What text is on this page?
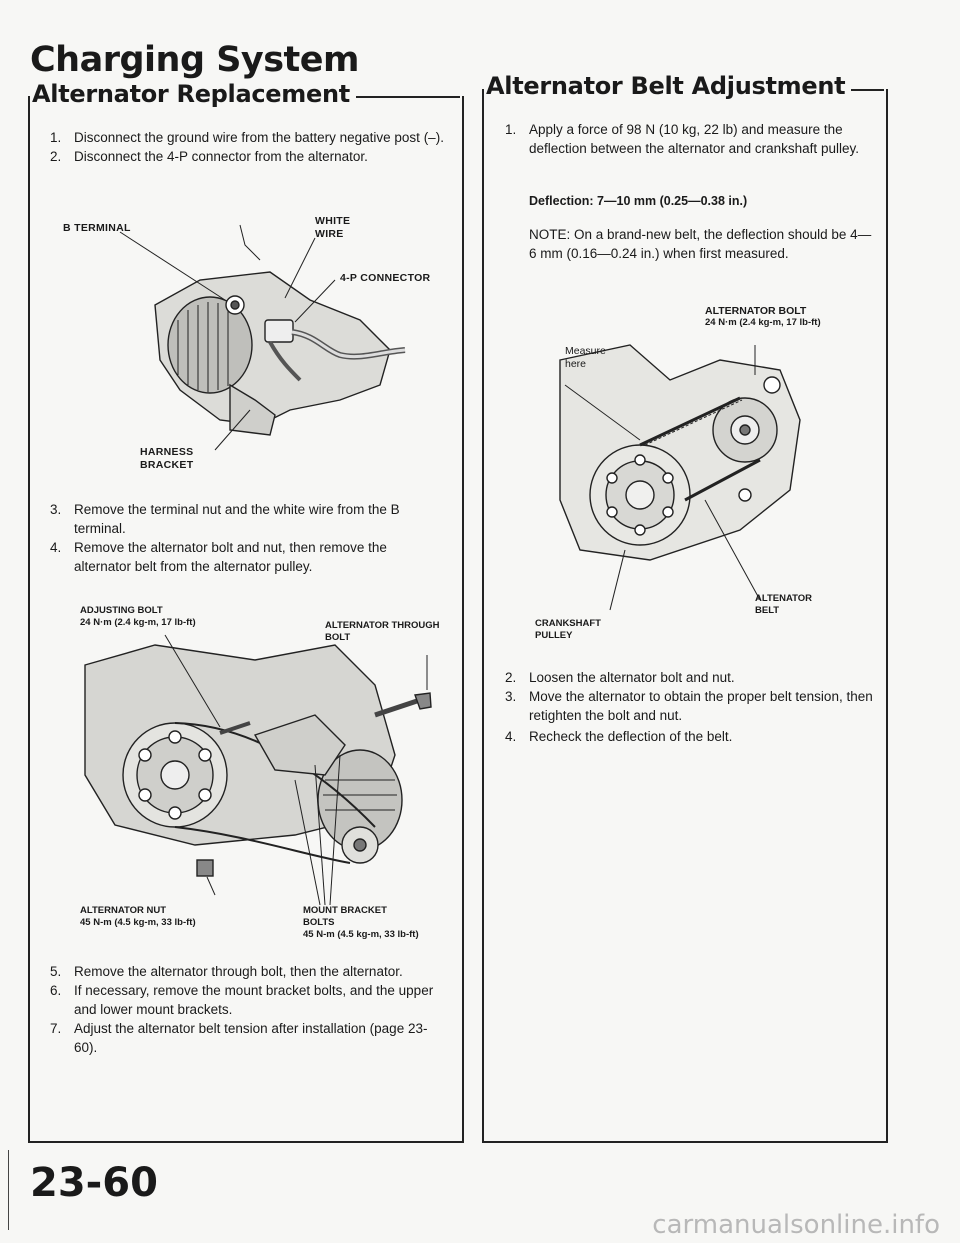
Charging System
Alternator Replacement	Alternator Belt Adjustment
1. Disconnect the ground wire from the battery negative post (–).
2. Disconnect the 4-P connector from the alternator.
B TERMINAL
WHITE WIRE
4-P CONNECTOR
HARNESS BRACKET
3. Remove the terminal nut and the white wire from the B terminal.
4. Remove the alternator bolt and nut, then remove the alternator belt from the alternator pulley.
ADJUSTING BOLT
24 N·m (2.4 kg-m, 17 lb-ft)	ALTERNATOR THROUGH BOLT
ALTERNATOR NUT
45 N-m (4.5 kg-m, 33 lb-ft)
MOUNT BRACKET BOLTS
45 N-m (4.5 kg-m, 33 lb-ft)
5. Remove the alternator through bolt, then the alternator.
6. If necessary, remove the mount bracket bolts, and the upper and lower mount brackets.
7. Adjust the alternator belt tension after installation (page 23-60).
1. Apply a force of 98 N (10 kg, 22 lb) and measure the deflection between the alternator and crankshaft pulley.
Deflection: 7—10 mm (0.25—0.38 in.)
NOTE: On a brand-new belt, the deflection should be 4—6 mm (0.16—0.24 in.) when first measured.
ALTERNATOR BOLT
24 N·m (2.4 kg-m, 17 lb-ft)
Measure here
CRANKSHAFT PULLEY
ALTENATOR BELT
2. Loosen the alternator bolt and nut.
3. Move the alternator to obtain the proper belt tension, then retighten the bolt and nut.
4. Recheck the deflection of the belt.
23-60
carmanualsonline.info
